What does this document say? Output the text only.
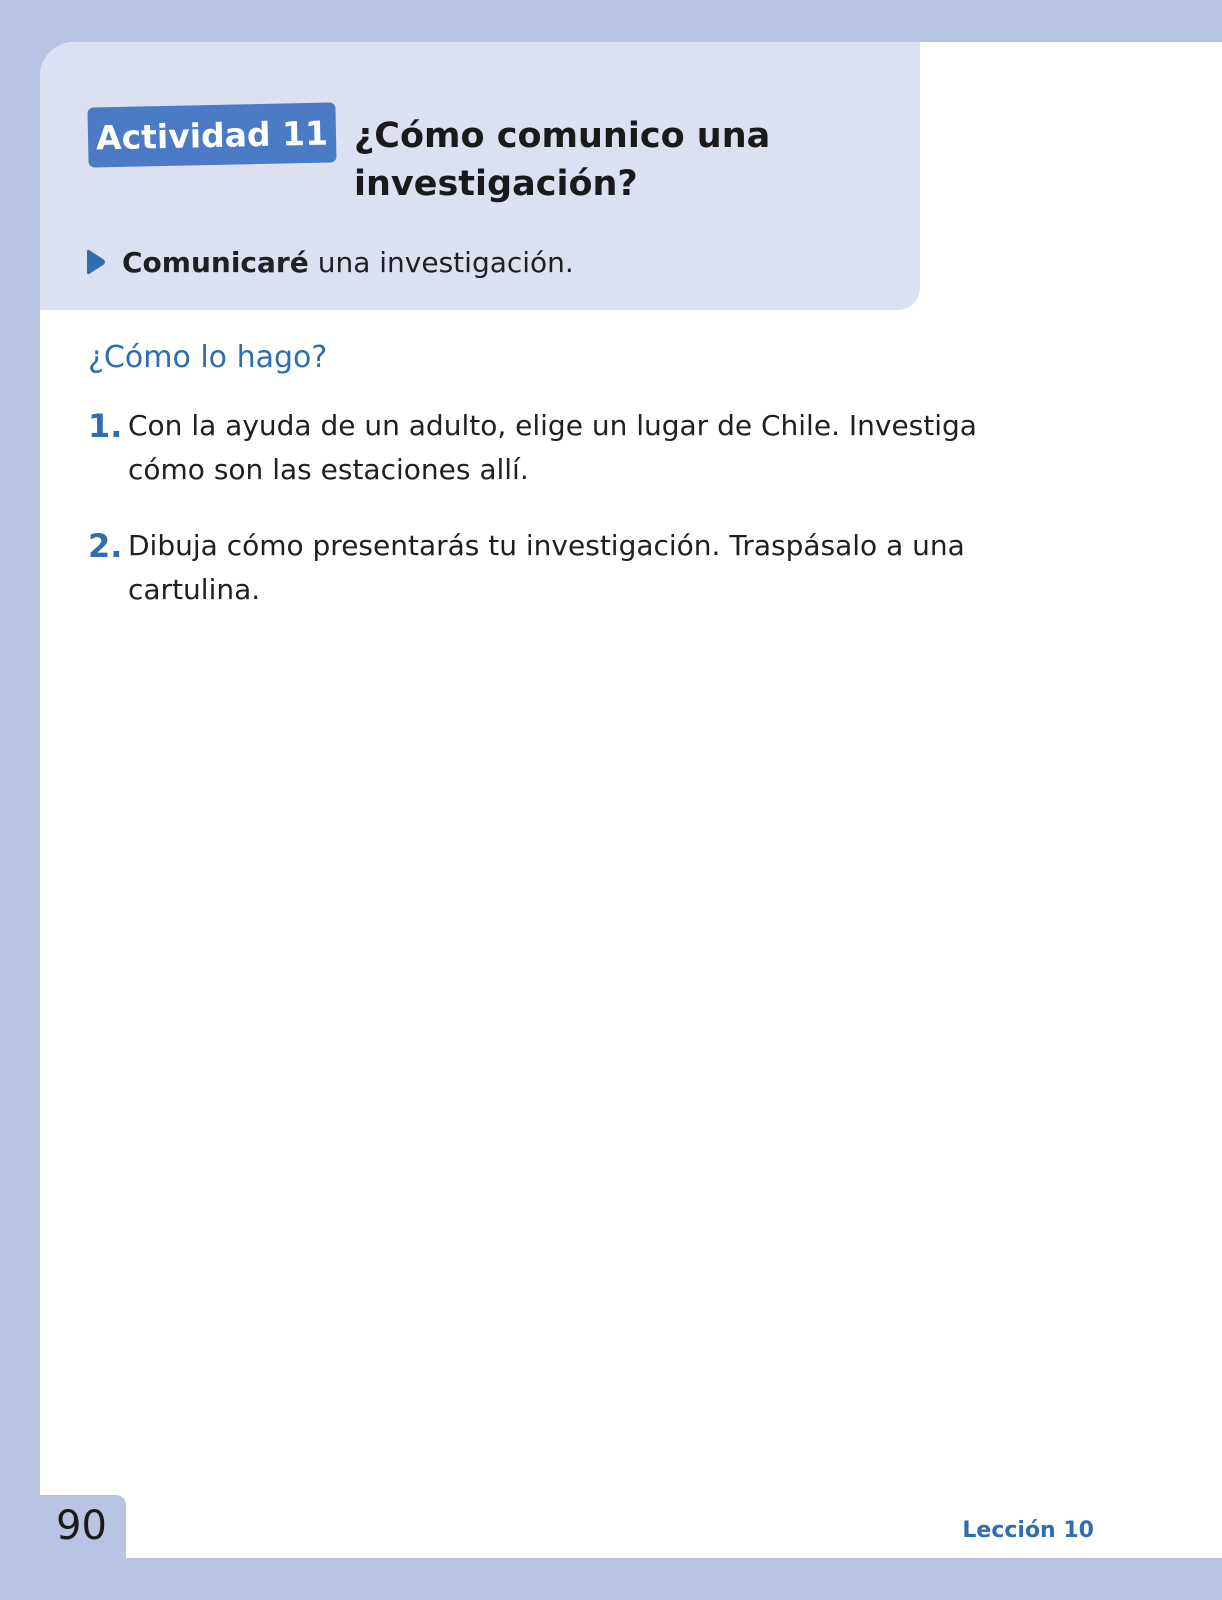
Actividad 11 ¿Cómo comunico una investigación?
Comunicaré una investigación.
¿Cómo lo hago?
1. Con la ayuda de un adulto, elige un lugar de Chile. Investiga cómo son las estaciones allí.
2. Dibuja cómo presentarás tu investigación. Traspásalo a una cartulina.
90	Lección 10
